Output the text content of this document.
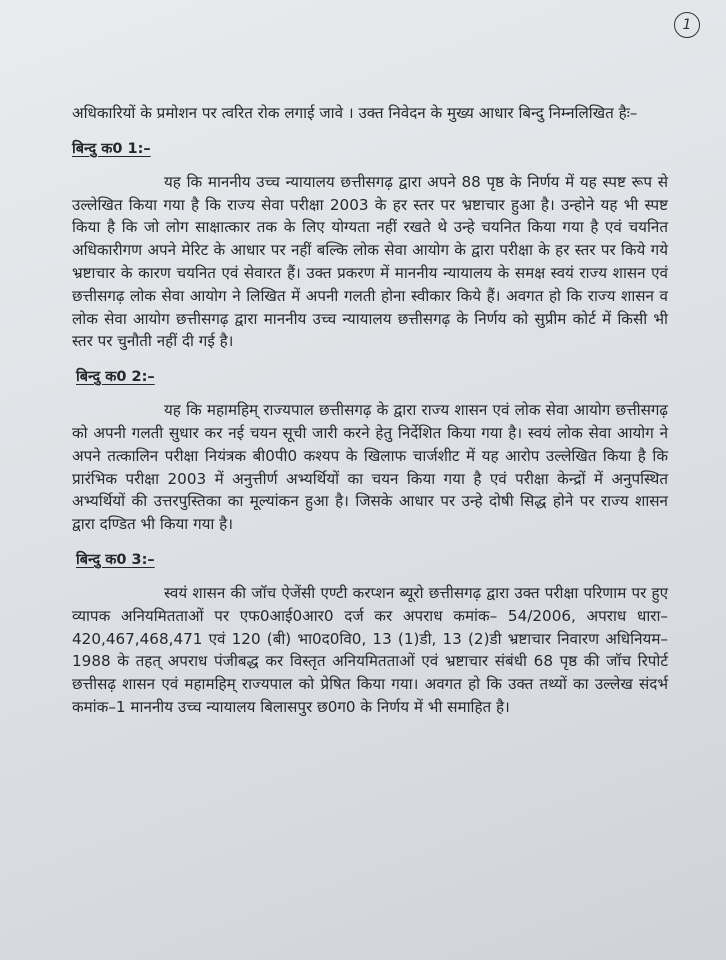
1

अधिकारियों के प्रमोशन पर त्वरित रोक लगाई जावे । उक्त निवेदन के मुख्य आधार बिन्दु निम्नलिखित हैः–

बिन्दु क0 1:–

यह कि माननीय उच्च न्यायालय छत्तीसगढ़ द्वारा अपने 88 पृष्ठ के निर्णय में यह स्पष्ट रूप से उल्लेखित किया गया है कि राज्य सेवा परीक्षा 2003 के हर स्तर पर भ्रष्टाचार हुआ है। उन्होने यह भी स्पष्ट किया है कि जो लोग साक्षात्कार तक के लिए योग्यता नहीं रखते थे उन्हे चयनित किया गया है एवं चयनित अधिकारीगण अपने मेरिट के आधार पर नहीं बल्कि लोक सेवा आयोग के द्वारा परीक्षा के हर स्तर पर किये गये भ्रष्टाचार के कारण चयनित एवं सेवारत हैं। उक्त प्रकरण में माननीय न्यायालय के समक्ष स्वयं राज्य शासन एवं छत्तीसगढ़ लोक सेवा आयोग ने लिखित में अपनी गलती होना स्वीकार किये हैं। अवगत हो कि राज्य शासन व लोक सेवा आयोग छत्तीसगढ़ द्वारा माननीय उच्च न्यायालय छत्तीसगढ़ के निर्णय को सुप्रीम कोर्ट में किसी भी स्तर पर चुनौती नहीं दी गई है।

बिन्दु क0 2:–

यह कि महामहिम् राज्यपाल छत्तीसगढ़ के द्वारा राज्य शासन एवं लोक सेवा आयोग छत्तीसगढ़ को अपनी गलती सुधार कर नई चयन सूची जारी करने हेतु निर्देशित किया गया है। स्वयं लोक सेवा आयोग ने अपने तत्कालिन परीक्षा नियंत्रक बी0पी0 कश्यप के खिलाफ चार्जशीट में यह आरोप उल्लेखित किया है कि प्रारंभिक परीक्षा 2003 में अनुत्तीर्ण अभ्यर्थियों का चयन किया गया है एवं परीक्षा केन्द्रों में अनुपस्थित अभ्यर्थियों की उत्तरपुस्तिका का मूल्यांकन हुआ है। जिसके आधार पर उन्हे दोषी सिद्ध होने पर राज्य शासन द्वारा दण्डित भी किया गया है।

बिन्दु क0 3:–

स्वयं शासन की जॉच ऐजेंसी एण्टी करप्शन ब्यूरो छत्तीसगढ़ द्वारा उक्त परीक्षा परिणाम पर हुए व्यापक अनियमितताओं पर एफ0आई0आर0 दर्ज कर अपराध कमांक– 54/2006, अपराध धारा– 420,467,468,471 एवं 120 (बी) भा0द0वि0, 13 (1)डी, 13 (2)डी भ्रष्टाचार निवारण अधिनियम– 1988 के तहत् अपराध पंजीबद्ध कर विस्तृत अनियमितताओं एवं भ्रष्टाचार संबंधी 68 पृष्ठ की जॉच रिपोर्ट छत्तीसढ़ शासन एवं महामहिम् राज्यपाल को प्रेषित किया गया। अवगत हो कि उक्त तथ्यों का उल्लेख संदर्भ कमांक–1 माननीय उच्च न्यायालय बिलासपुर छ0ग0 के निर्णय में भी समाहित है।
